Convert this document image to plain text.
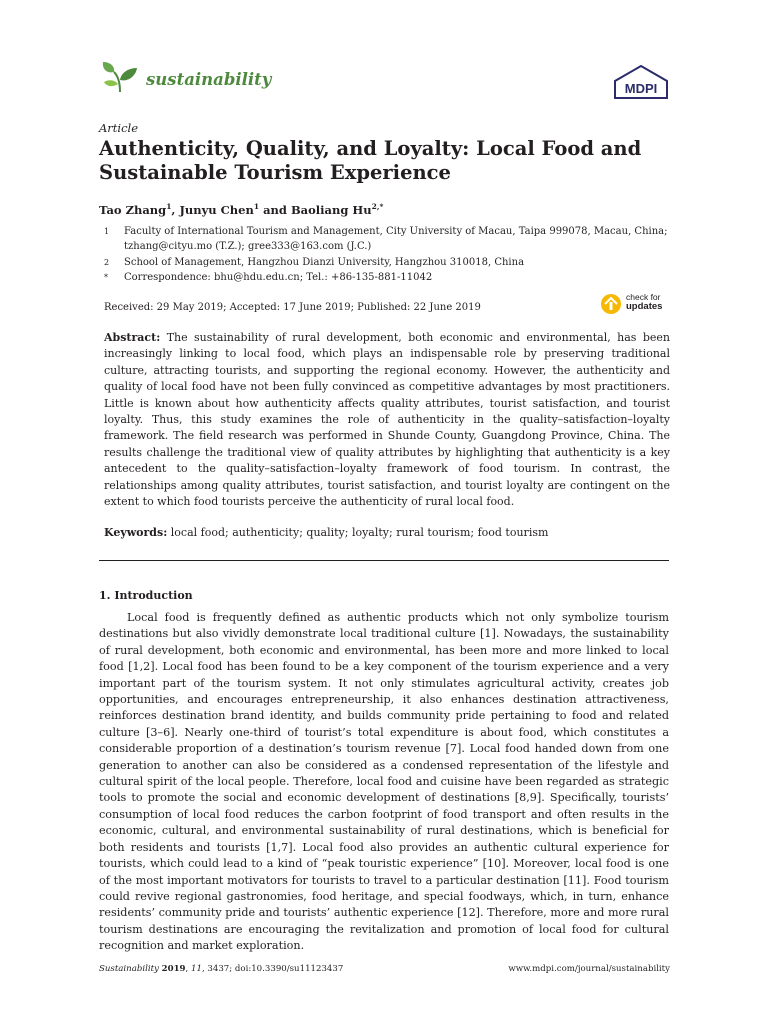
sustainability	MDPI
Article
Authenticity, Quality, and Loyalty: Local Food and Sustainable Tourism Experience
Tao Zhang$^1$, Junyu Chen$^1$ and Baoliang $Hu^{2,*}$
1 Faculty of International Tourism and Management, City University of Macau, Taipa 999078, Macau, China; tzhang@cityu.mo (T.Z.); gree333@163.com (J.C.)
2 School of Management, Hangzhou Dianzi University, Hangzhou 310018, China
* Correspondence: bhu@hdu.edu.cn; Tel.: +86-135-881-11042
Received: 29 May 2019; Accepted: 17 June 2019; Published: 22 June 2019
check for
updates
Abstract: The sustainability of rural development, both economic and environmental, has been increasingly linking to local food, which plays an indispensable role by preserving traditional culture, attracting tourists, and supporting the regional economy. However, the authenticity and quality of local food have not been fully convinced as competitive advantages by most practitioners. Little is known about how authenticity affects quality attributes, tourist satisfaction, and tourist loyalty. Thus, this study examines the role of authenticity in the quality–satisfaction–loyalty framework. The field research was performed in Shunde County, Guangdong Province, China. The results challenge the traditional view of quality attributes by highlighting that authenticity is a key antecedent to the quality–satisfaction–loyalty framework of food tourism. In contrast, the relationships among quality attributes, tourist satisfaction, and tourist loyalty are contingent on the extent to which food tourists perceive the authenticity of rural local food.
Keywords: local food; authenticity; quality; loyalty; rural tourism; food tourism
1. Introduction
Local food is frequently defined as authentic products which not only symbolize tourism destinations but also vividly demonstrate local traditional culture [1]. Nowadays, the sustainability of rural development, both economic and environmental, has been more and more linked to local food [1,2]. Local food has been found to be a key component of the tourism experience and a very important part of the tourism system. It not only stimulates agricultural activity, creates job opportunities, and encourages entrepreneurship, it also enhances destination attractiveness, reinforces destination brand identity, and builds community pride pertaining to food and related culture [3–6]. Nearly one-third of tourist’s total expenditure is about food, which constitutes a considerable proportion of a destination’s tourism revenue [7]. Local food handed down from one generation to another can also be considered as a condensed representation of the lifestyle and cultural spirit of the local people. Therefore, local food and cuisine have been regarded as strategic tools to promote the social and economic development of destinations [8,9]. Specifically, tourists’ consumption of local food reduces the carbon footprint of food transport and often results in the economic, cultural, and environmental sustainability of rural destinations, which is beneficial for both residents and tourists [1,7]. Local food also provides an authentic cultural experience for tourists, which could lead to a kind of “peak touristic experience” [10]. Moreover, local food is one of the most important motivators for tourists to travel to a particular destination [11]. Food tourism could revive regional gastronomies, food heritage, and special foodways, which, in turn, enhance residents’ community pride and tourists’ authentic experience [12]. Therefore, more and more rural tourism destinations are encouraging the revitalization and promotion of local food for cultural recognition and market exploration.
Sustainability 2019, 11, 3437; doi:10.3390/su11123437	www.mdpi.com/journal/sustainability
